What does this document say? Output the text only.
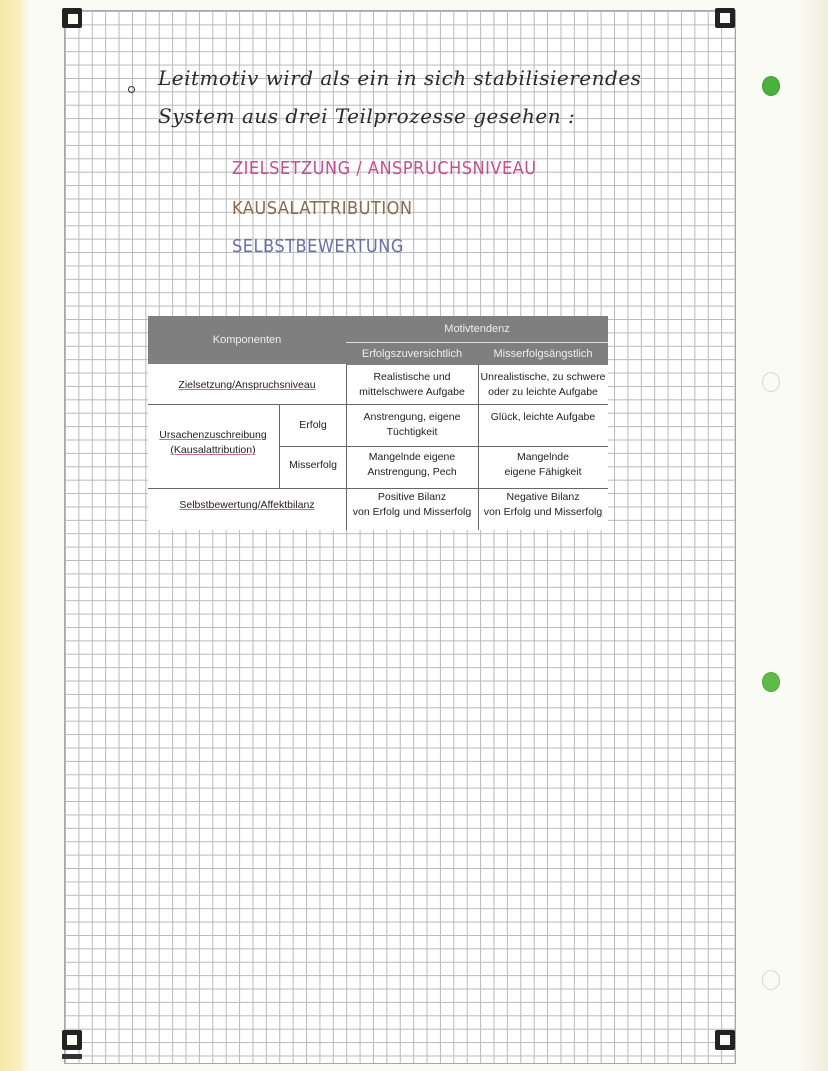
Leitmotiv wird als ein in sich stabilisierendes
System aus drei Teilprozesse gesehen :
ZIELSETZUNG / ANSPRUCHSNIVEAU
KAUSALATTRIBUTION
SELBSTBEWERTUNG
Komponenten
Motivtendenz
Erfolgszuversichtlich	Misserfolgsängstlich
Zielsetzung/Anspruchsniveau
Realistische und
mittelschwere Aufgabe
Unrealistische, zu schwere
oder zu leichte Aufgabe
Ursachenzuschreibung
(Kausalattribution)
Erfolg
Misserfolg
Anstrengung, eigene
Tüchtigkeit
Glück, leichte Aufgabe
Mangelnde eigene
Anstrengung, Pech
Mangelnde
eigene Fähigkeit
Selbstbewertung/Affektbilanz
Positive Bilanz
von Erfolg und Misserfolg
Negative Bilanz
von Erfolg und Misserfolg
